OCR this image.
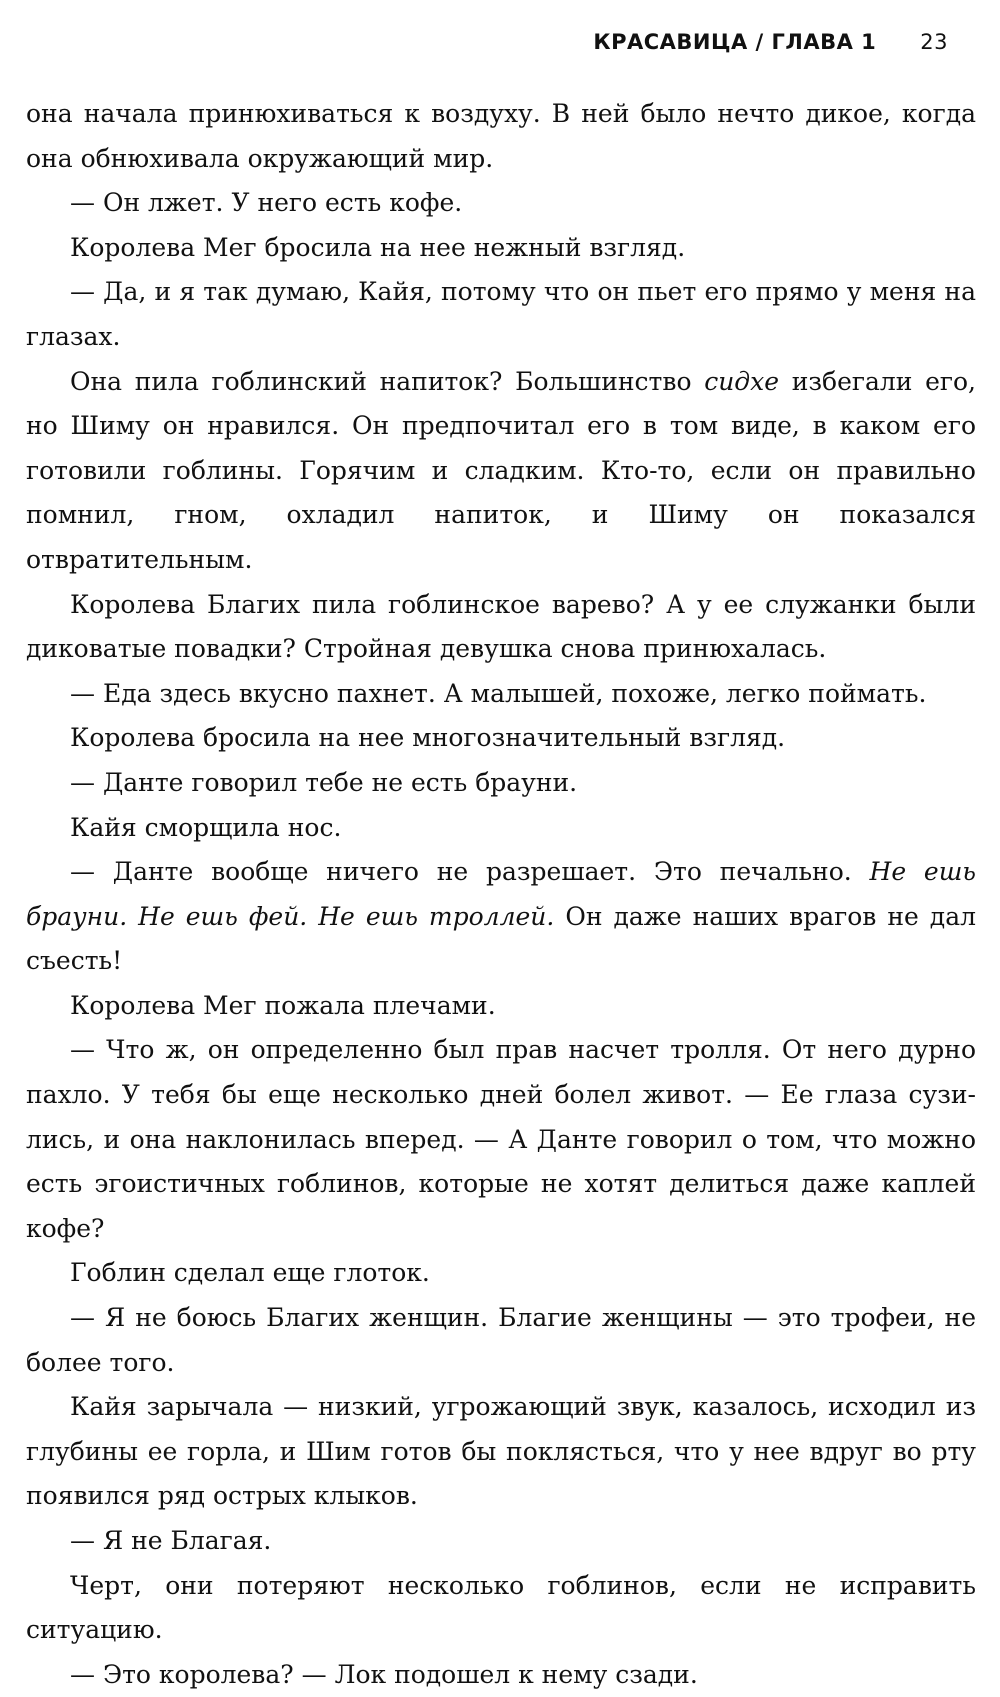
КРАСАВИЦА / ГЛАВА 1 23

она начала принюхиваться к воздуху. В ней было нечто дикое, когда она обнюхивала окружающий мир.

— Он лжет. У него есть кофе.

Королева Мег бросила на нее нежный взгляд.

— Да, и я так думаю, Кайя, потому что он пьет его прямо у меня на глазах.

Она пила гоблинский напиток? Большинство сидхе избегали его, но Шиму он нравился. Он предпочитал его в том виде, в каком его готовили гоблины. Горячим и сладким. Кто-то, если он правильно помнил, гном, охладил напиток, и Шиму он показался отвратительным.

Королева Благих пила гоблинское варево? А у ее служанки были диковатые повадки? Стройная девушка снова принюхалась.

— Еда здесь вкусно пахнет. А малышей, похоже, легко поймать.

Королева бросила на нее многозначительный взгляд.

— Данте говорил тебе не есть брауни.

Кайя сморщила нос.

— Данте вообще ничего не разрешает. Это печально. Не ешь брауни. Не ешь фей. Не ешь троллей. Он даже наших врагов не дал съесть!

Королева Мег пожала плечами.

— Что ж, он определенно был прав насчет тролля. От него дурно пахло. У тебя бы еще несколько дней болел живот. — Ее глаза сузились, и она наклонилась вперед. — А Данте говорил о том, что можно есть эгоистичных гоблинов, которые не хотят делиться даже каплей кофе?

Гоблин сделал еще глоток.

— Я не боюсь Благих женщин. Благие женщины — это трофеи, не более того.

Кайя зарычала — низкий, угрожающий звук, казалось, исходил из глубины ее горла, и Шим готов бы поклясться, что у нее вдруг во рту появился ряд острых клыков.

— Я не Благая.

Черт, они потеряют несколько гоблинов, если не исправить ситуацию.

— Это королева? — Лок подошел к нему сзади.
